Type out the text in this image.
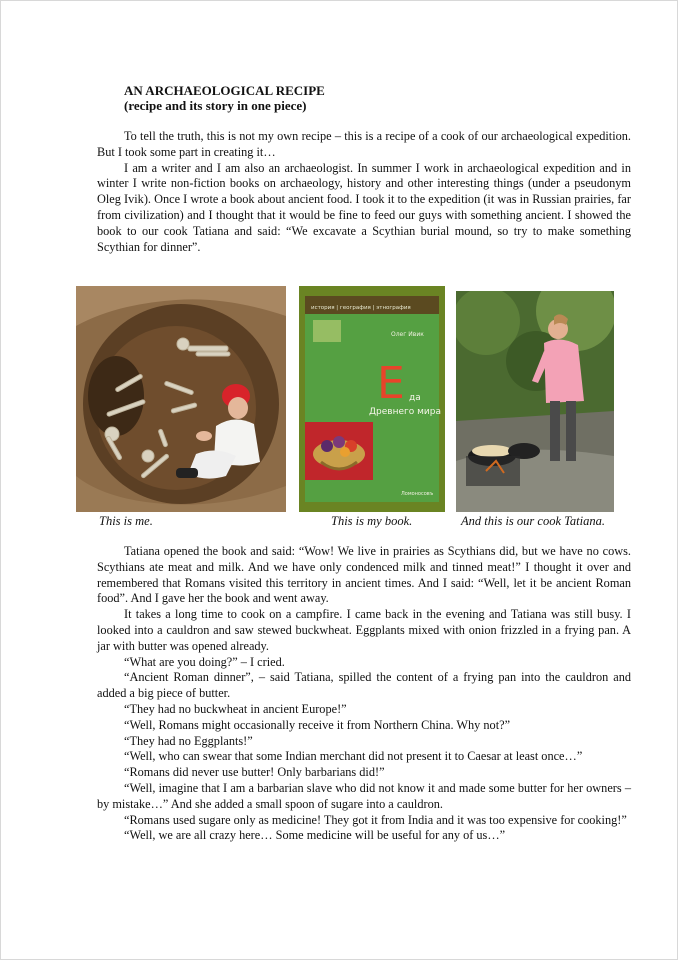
AN ARCHAEOLOGICAL RECIPE
(recipe and its story in one piece)

To tell the truth, this is not my own recipe – this is a recipe of a cook of our archaeological expedition. But I took some part in creating it…

I am a writer and I am also an archaeologist. In summer I work in archaeological expedition and in winter I write non-fiction books on archaeology, history and other interesting things (under a pseudonym Oleg Ivik). Once I wrote a book about ancient food. I took it to the expedition (it was in Russian prairies, far from civilization) and I thought that it would be fine to feed our guys with something ancient. I showed the book to our cook Tatiana and said: “We excavate a Scythian burial mound, so try to make something Scythian for dinner”.

история | география | этнография
Олег Ивик
Е да
Древнего мира
Ломоносовъ
This is me.	This is my book.	And this is our cook Tatiana.

Tatiana opened the book and said: “Wow! We live in prairies as Scythians did, but we have no cows. Scythians ate meat and milk. And we have only condenced milk and tinned meat!” I thought it over and remembered that Romans visited this territory in ancient times. And I said: “Well, let it be ancient Roman food”. And I gave her the book and went away.

It takes a long time to cook on a campfire. I came back in the evening and Tatiana was still busy. I looked into a cauldron and saw stewed buckwheat. Eggplants mixed with onion frizzled in a frying pan. A jar with butter was opened already.

“What are you doing?” – I cried.

“Ancient Roman dinner”, – said Tatiana, spilled the content of a frying pan into the cauldron and added a big piece of butter.

“They had no buckwheat in ancient Europe!”

“Well, Romans might occasionally receive it from Northern China. Why not?”

“They had no Eggplants!”

“Well, who can swear that some Indian merchant did not present it to Caesar at least once…”

“Romans did never use butter! Only barbarians did!”

“Well, imagine that I am a barbarian slave who did not know it and made some butter for her owners – by mistake…” And she added a small spoon of sugare into a cauldron.

“Romans used sugare only as medicine! They got it from India and it was too expensive for cooking!”

“Well, we are all crazy here… Some medicine will be useful for any of us…”
